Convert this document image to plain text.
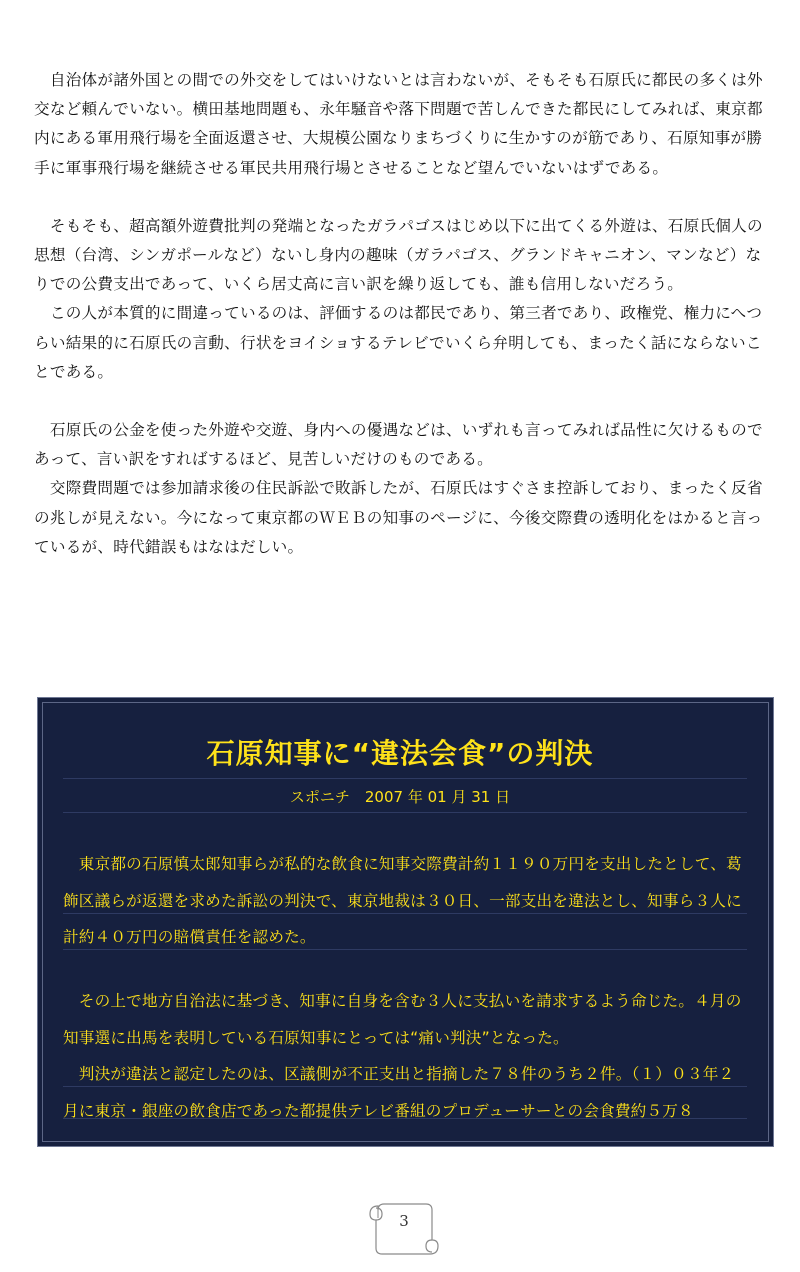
　自治体が諸外国との間での外交をしてはいけないとは言わないが、そもそも石原氏に都民の多くは外交など頼んでいない。横田基地問題も、永年騒音や落下問題で苦しんできた都民にしてみれば、東京都内にある軍用飛行場を全面返還させ、大規模公園なりまちづくりに生かすのが筋であり、石原知事が勝手に軍事飛行場を継続させる軍民共用飛行場とさせることなど望んでいないはずである。

　そもそも、超高額外遊費批判の発端となったガラパゴスはじめ以下に出てくる外遊は、石原氏個人の思想（台湾、シンガポールなど）ないし身内の趣味（ガラパゴス、グランドキャニオン、マンなど）なりでの公費支出であって、いくら居丈高に言い訳を繰り返しても、誰も信用しないだろう。

　この人が本質的に間違っているのは、評価するのは都民であり、第三者であり、政権党、権力にへつらい結果的に石原氏の言動、行状をヨイショするテレビでいくら弁明しても、まったく話にならないことである。

　石原氏の公金を使った外遊や交遊、身内への優遇などは、いずれも言ってみれば品性に欠けるものであって、言い訳をすればするほど、見苦しいだけのものである。

　交際費問題では参加請求後の住民訴訟で敗訴したが、石原氏はすぐさま控訴しており、まったく反省の兆しが見えない。今になって東京都のＷＥＢの知事のページに、今後交際費の透明化をはかると言っているが、時代錯誤もはなはだしい。

石原知事に“違法会食”の判決
スポニチ　2007 年 01 月 31 日

　東京都の石原慎太郎知事らが私的な飲食に知事交際費計約１１９０万円を支出したとして、葛飾区議らが返還を求めた訴訟の判決で、東京地裁は３０日、一部支出を違法とし、知事ら３人に計約４０万円の賠償責任を認めた。

　その上で地方自治法に基づき、知事に自身を含む３人に支払いを請求するよう命じた。４月の知事選に出馬を表明している石原知事にとっては“痛い判決”となった。

　判決が違法と認定したのは、区議側が不正支出と指摘した７８件のうち２件。（１）０３年２月に東京・銀座の飲食店であった都提供テレビ番組のプロデューサーとの会食費約５万８

3
